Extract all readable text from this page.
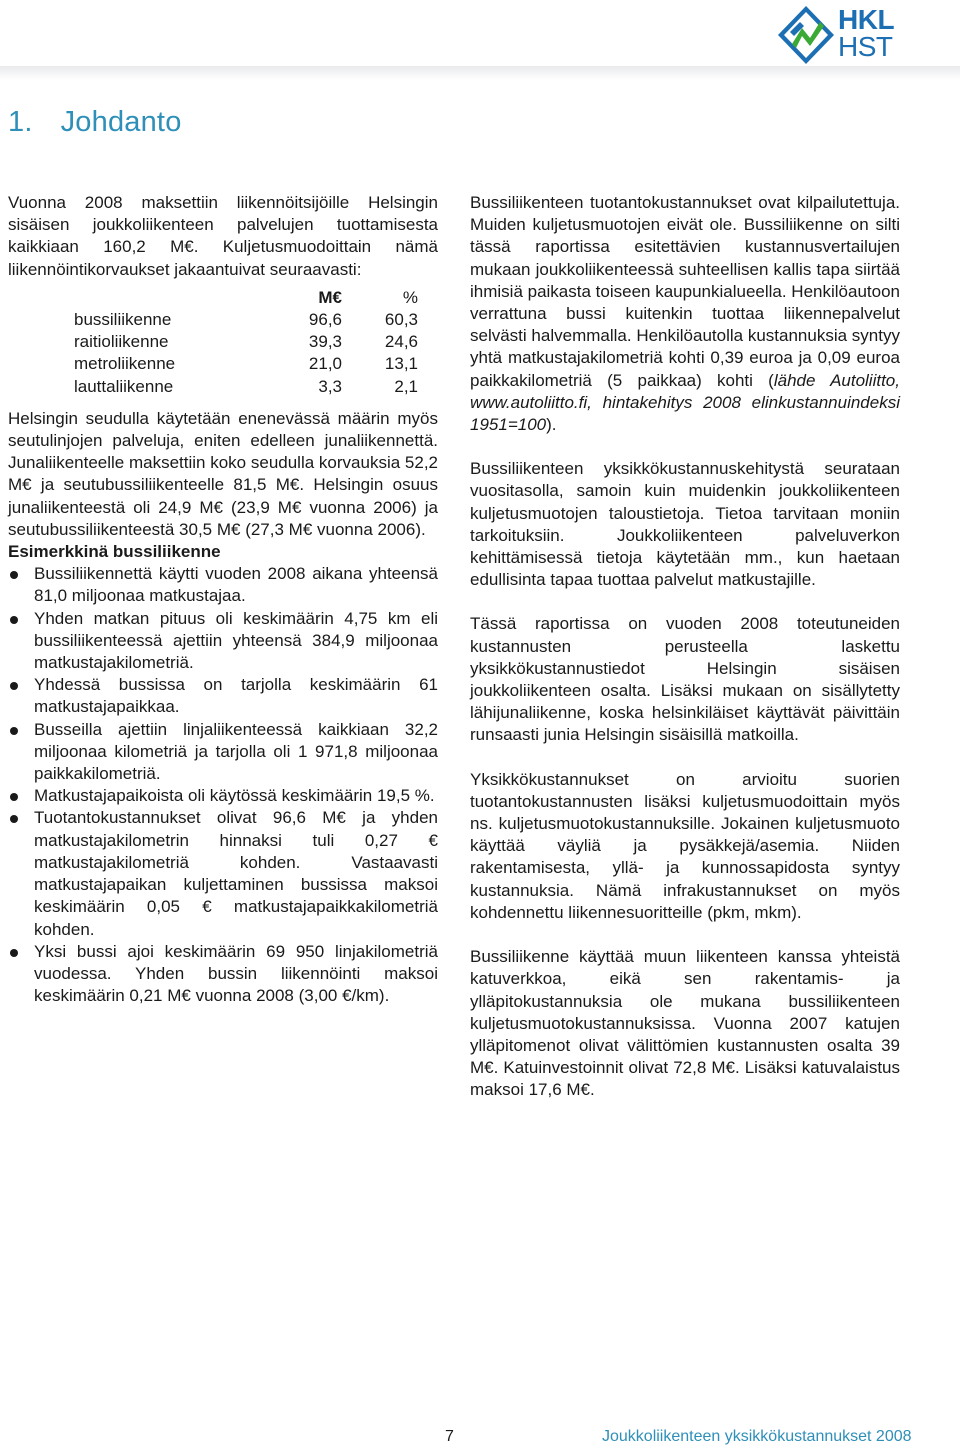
HKL
HST
1. Johdanto

Vuonna 2008 maksettiin liikennöitsijöille Helsingin sisäisen joukkoliikenteen palvelujen tuottamisesta kaikkiaan 160,2 M€. Kuljetusmuodoittain nämä liikennöintikorvaukset jakaantuivat seuraavasti:

	M€	%
bussiliikenne	96,6	60,3
raitioliikenne	39,3	24,6
metroliikenne	21,0	13,1
lauttaliikenne	3,3	2,1

Helsingin seudulla käytetään enenevässä määrin myös seutulinjojen palveluja, eniten edelleen junaliikennettä. Junaliikenteelle maksettiin koko seudulla korvauksia 52,2 M€ ja seutubussiliikenteelle 81,5 M€. Helsingin osuus junaliikenteestä oli 24,9 M€ (23,9 M€ vuonna 2006) ja seutubussiliikenteestä 30,5 M€ (27,3 M€ vuonna 2006).

Esimerkkinä bussiliikenne

Bussiliikennettä käytti vuoden 2008 aikana yhteensä 81,0 miljoonaa matkustajaa.
Yhden matkan pituus oli keskimäärin 4,75 km eli bussiliikenteessä ajettiin yhteensä 384,9 miljoonaa matkustajakilometriä.
Yhdessä bussissa on tarjolla keskimäärin 61 matkustajapaikkaa.
Busseilla ajettiin linjaliikenteessä kaikkiaan 32,2 miljoonaa kilometriä ja tarjolla oli 1 971,8 miljoonaa paikkakilometriä.
Matkustajapaikoista oli käytössä keskimäärin 19,5 %.
Tuotantokustannukset olivat 96,6 M€ ja yhden matkustajakilometrin hinnaksi tuli 0,27 € matkustajakilometriä kohden. Vastaavasti matkustajapaikan kuljettaminen bussissa maksoi keskimäärin 0,05 € matkustajapaikkakilometriä kohden.
Yksi bussi ajoi keskimäärin 69 950 linjakilometriä vuodessa. Yhden bussin liikennöinti maksoi keskimäärin 0,21 M€ vuonna 2008 (3,00 €/km).

Bussiliikenteen tuotantokustannukset ovat kilpailutettuja. Muiden kuljetusmuotojen eivät ole. Bussiliikenne on silti tässä raportissa esitettävien kustannusvertailujen mukaan joukkoliikenteessä suhteellisen kallis tapa siirtää ihmisiä paikasta toiseen kaupunkialueella. Henkilöautoon verrattuna bussi kuitenkin tuottaa liikennepalvelut selvästi halvemmalla. Henkilöautolla kustannuksia syntyy yhtä matkustajakilometriä kohti 0,39 euroa ja 0,09 euroa paikkakilometriä (5 paikkaa) kohti (lähde Autoliitto, www.autoliitto.fi, hintakehitys 2008 elinkustannuindeksi 1951=100).

Bussiliikenteen yksikkökustannuskehitystä seurataan vuositasolla, samoin kuin muidenkin joukkoliikenteen kuljetusmuotojen taloustietoja. Tietoa tarvitaan moniin tarkoituksiin. Joukkoliikenteen palveluverkon kehittämisessä tietoja käytetään mm., kun haetaan edullisinta tapaa tuottaa palvelut matkustajille.

Tässä raportissa on vuoden 2008 toteutuneiden kustannusten perusteella laskettu yksikkökustannustiedot Helsingin sisäisen joukkoliikenteen osalta. Lisäksi mukaan on sisällytetty lähijunaliikenne, koska helsinkiläiset käyttävät päivittäin runsaasti junia Helsingin sisäisillä matkoilla.

Yksikkökustannukset on arvioitu suorien tuotantokustannusten lisäksi kuljetusmuodoittain myös ns. kuljetusmuotokustannuksille. Jokainen kuljetusmuoto käyttää väyliä ja pysäkkejä/asemia. Niiden rakentamisesta, yllä- ja kunnossapidosta syntyy kustannuksia. Nämä infrakustannukset on myös kohdennettu liikennesuoritteille (pkm, mkm).

Bussiliikenne käyttää muun liikenteen kanssa yhteistä katuverkkoa, eikä sen rakentamis- ja ylläpitokustannuksia ole mukana bussiliikenteen kuljetusmuotokustannuksissa. Vuonna 2007 katujen ylläpitomenot olivat välittömien kustannusten osalta 39 M€. Katuinvestoinnit olivat 72,8 M€. Lisäksi katuvalaistus maksoi 17,6 M€.

7	Joukkoliikenteen yksikkökustannukset 2008
